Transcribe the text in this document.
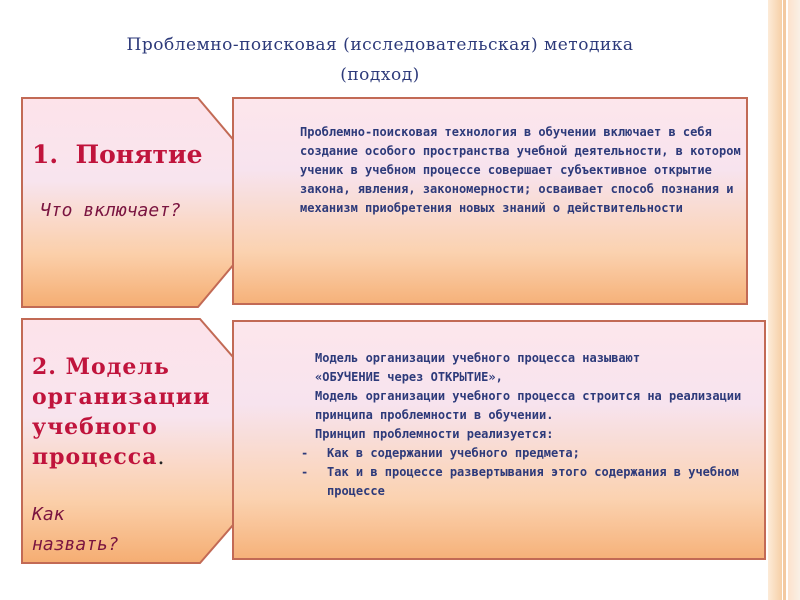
Проблемно-поисковая (исследовательская) методика
(подход)
1.  Понятие
Что включает?
Проблемно-поисковая технология в обучении включает в себя создание особого пространства учебной деятельности, в котором ученик в учебном процессе совершает субъективное открытие закона, явления, закономерности; осваивает способ познания и механизм приобретения новых знаний о действительности
2. Модель
организации
учебного
процесса.
Как
назвать?
Модель организации учебного процесса называют
«ОБУЧЕНИЕ через ОТКРЫТИЕ»,
Модель организации учебного процесса строится на реализации принципа проблемности в обучении.
Принцип проблемности реализуется:
- Как в содержании учебного предмета;
- Так и в процессе развертывания этого содержания в учебном процессе
